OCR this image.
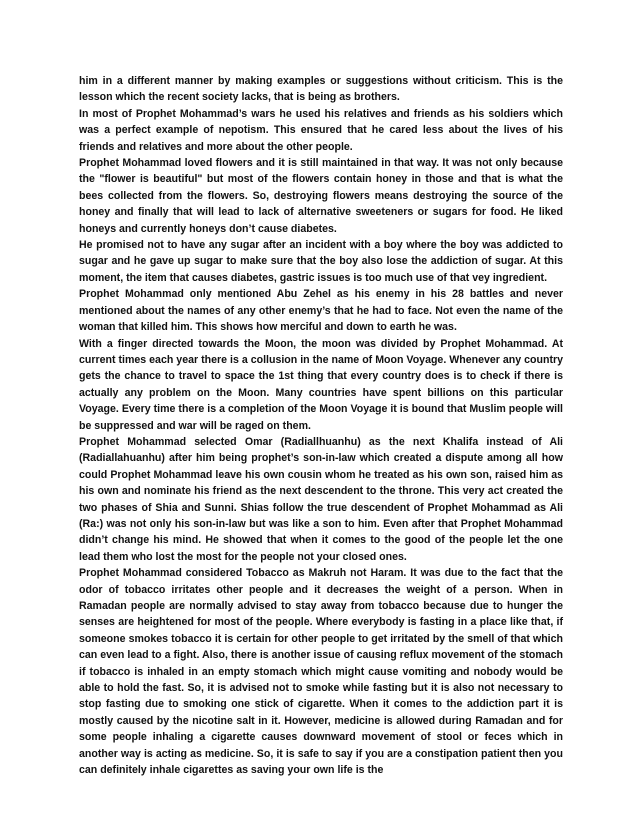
him in a different manner by making examples or suggestions without criticism. This is the lesson which the recent society lacks, that is being as brothers.

In most of Prophet Mohammad’s wars he used his relatives and friends as his soldiers which was a perfect example of nepotism. This ensured that he cared less about the lives of his friends and relatives and more about the other people.

Prophet Mohammad loved flowers and it is still maintained in that way. It was not only because the "flower is beautiful" but most of the flowers contain honey in those and that is what the bees collected from the flowers. So, destroying flowers means destroying the source of the honey and finally that will lead to lack of alternative sweeteners or sugars for food. He liked honeys and currently honeys don’t cause diabetes.

He promised not to have any sugar after an incident with a boy where the boy was addicted to sugar and he gave up sugar to make sure that the boy also lose the addiction of sugar. At this moment, the item that causes diabetes, gastric issues is too much use of that vey ingredient.

Prophet Mohammad only mentioned Abu Zehel as his enemy in his 28 battles and never mentioned about the names of any other enemy’s that he had to face. Not even the name of the woman that killed him. This shows how merciful and down to earth he was.

With a finger directed towards the Moon, the moon was divided by Prophet Mohammad. At current times each year there is a collusion in the name of Moon Voyage. Whenever any country gets the chance to travel to space the 1st thing that every country does is to check if there is actually any problem on the Moon. Many countries have spent billions on this particular Voyage. Every time there is a completion of the Moon Voyage it is bound that Muslim people will be suppressed and war will be raged on them.

Prophet Mohammad selected Omar (Radiallhuanhu) as the next Khalifa instead of Ali (Radiallahuanhu) after him being prophet’s son-in-law which created a dispute among all how could Prophet Mohammad leave his own cousin whom he treated as his own son, raised him as his own and nominate his friend as the next descendent to the throne. This very act created the two phases of Shia and Sunni. Shias follow the true descendent of Prophet Mohammad as Ali (Ra:) was not only his son-in-law but was like a son to him. Even after that Prophet Mohammad didn’t change his mind. He showed that when it comes to the good of the people let the one lead them who lost the most for the people not your closed ones.

Prophet Mohammad considered Tobacco as Makruh not Haram. It was due to the fact that the odor of tobacco irritates other people and it decreases the weight of a person. When in Ramadan people are normally advised to stay away from tobacco because due to hunger the senses are heightened for most of the people. Where everybody is fasting in a place like that, if someone smokes tobacco it is certain for other people to get irritated by the smell of that which can even lead to a fight. Also, there is another issue of causing reflux movement of the stomach if tobacco is inhaled in an empty stomach which might cause vomiting and nobody would be able to hold the fast. So, it is advised not to smoke while fasting but it is also not necessary to stop fasting due to smoking one stick of cigarette. When it comes to the addiction part it is mostly caused by the nicotine salt in it. However, medicine is allowed during Ramadan and for some people inhaling a cigarette causes downward movement of stool or feces which in another way is acting as medicine. So, it is safe to say if you are a constipation patient then you can definitely inhale cigarettes as saving your own life is the
